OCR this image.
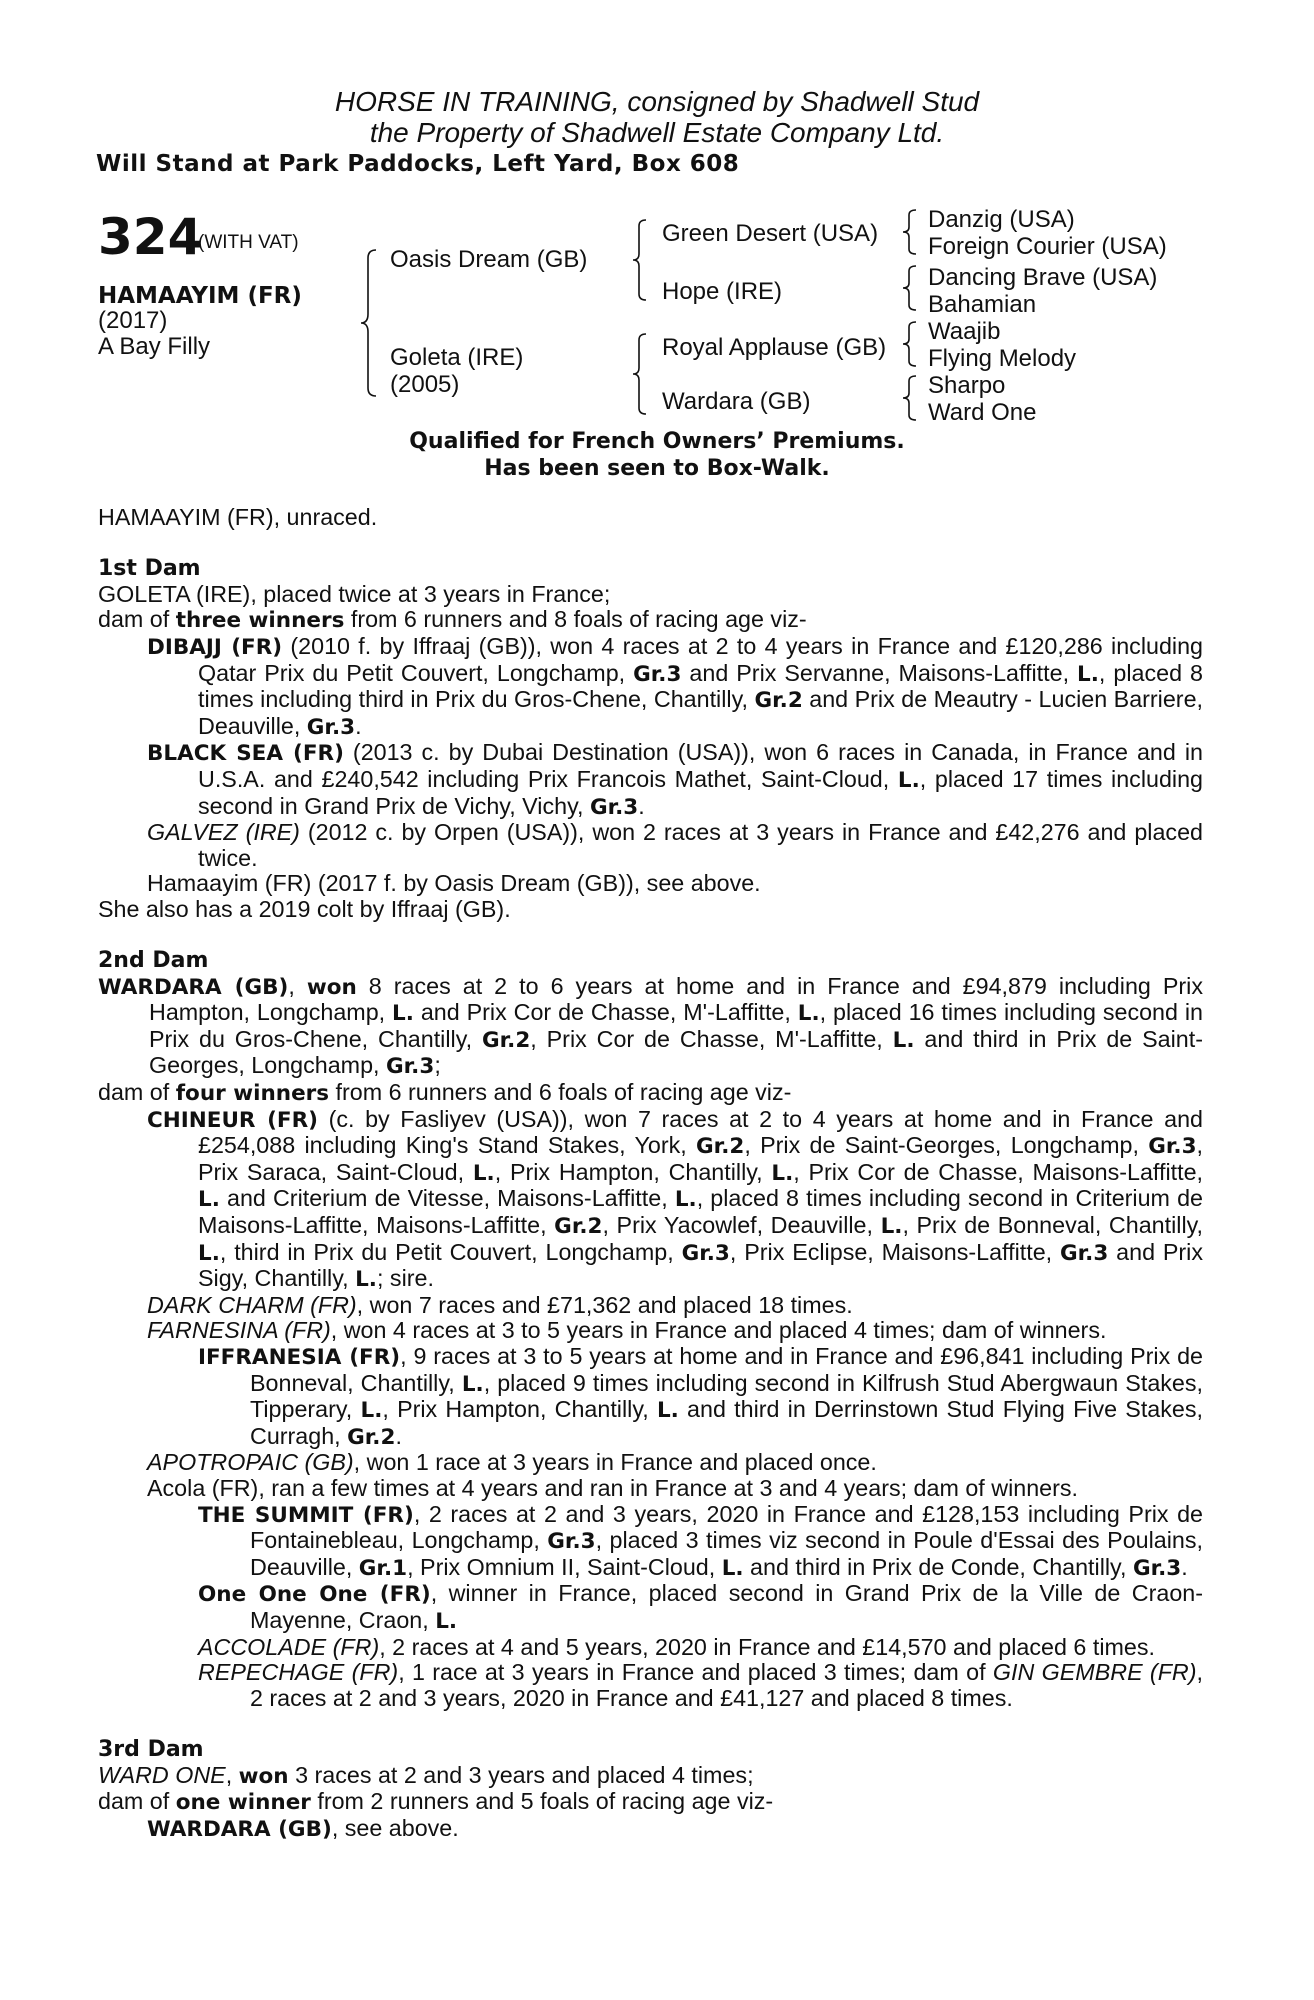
HORSE IN TRAINING, consigned by Shadwell Stud
the Property of Shadwell Estate Company Ltd.
Will Stand at Park Paddocks, Left Yard, Box 608
324
(WITH VAT)
HAMAAYIM (FR)
(2017)
A Bay Filly
Oasis Dream (GB)
Goleta (IRE)
(2005)
Green Desert (USA)
Hope (IRE)
Royal Applause (GB)
Wardara (GB)
Danzig (USA)
Foreign Courier (USA)
Dancing Brave (USA)
Bahamian
Waajib
Flying Melody
Sharpo
Ward One
Qualified for French Owners’ Premiums.
Has been seen to Box-Walk.

HAMAAYIM (FR), unraced.

1st Dam

GOLETA (IRE), placed twice at 3 years in France;

dam of three winners from 6 runners and 8 foals of racing age viz-

DIBAJJ (FR) (2010 f. by Iffraaj (GB)), won 4 races at 2 to 4 years in France and £120,286 including Qatar Prix du Petit Couvert, Longchamp, Gr.3 and Prix Servanne, Maisons-Laffitte, L., placed 8 times including third in Prix du Gros-Chene, Chantilly, Gr.2 and Prix de Meautry - Lucien Barriere, Deauville, Gr.3.

BLACK SEA (FR) (2013 c. by Dubai Destination (USA)), won 6 races in Canada, in France and in U.S.A. and £240,542 including Prix Francois Mathet, Saint-Cloud, L., placed 17 times including second in Grand Prix de Vichy, Vichy, Gr.3.

GALVEZ (IRE) (2012 c. by Orpen (USA)), won 2 races at 3 years in France and £42,276 and placed twice.

Hamaayim (FR) (2017 f. by Oasis Dream (GB)), see above.

She also has a 2019 colt by Iffraaj (GB).

2nd Dam

WARDARA (GB), won 8 races at 2 to 6 years at home and in France and £94,879 including Prix Hampton, Longchamp, L. and Prix Cor de Chasse, M'-Laffitte, L., placed 16 times including second in Prix du Gros-Chene, Chantilly, Gr.2, Prix Cor de Chasse, M'-Laffitte, L. and third in Prix de Saint-Georges, Longchamp, Gr.3;

dam of four winners from 6 runners and 6 foals of racing age viz-

CHINEUR (FR) (c. by Fasliyev (USA)), won 7 races at 2 to 4 years at home and in France and £254,088 including King's Stand Stakes, York, Gr.2, Prix de Saint-Georges, Longchamp, Gr.3, Prix Saraca, Saint-Cloud, L., Prix Hampton, Chantilly, L., Prix Cor de Chasse, Maisons-Laffitte, L. and Criterium de Vitesse, Maisons-Laffitte, L., placed 8 times including second in Criterium de Maisons-Laffitte, Maisons-Laffitte, Gr.2, Prix Yacowlef, Deauville, L., Prix de Bonneval, Chantilly, L., third in Prix du Petit Couvert, Longchamp, Gr.3, Prix Eclipse, Maisons-Laffitte, Gr.3 and Prix Sigy, Chantilly, L.; sire.

DARK CHARM (FR), won 7 races and £71,362 and placed 18 times.

FARNESINA (FR), won 4 races at 3 to 5 years in France and placed 4 times; dam of winners.

IFFRANESIA (FR), 9 races at 3 to 5 years at home and in France and £96,841 including Prix de Bonneval, Chantilly, L., placed 9 times including second in Kilfrush Stud Abergwaun Stakes, Tipperary, L., Prix Hampton, Chantilly, L. and third in Derrinstown Stud Flying Five Stakes, Curragh, Gr.2.

APOTROPAIC (GB), won 1 race at 3 years in France and placed once.

Acola (FR), ran a few times at 4 years and ran in France at 3 and 4 years; dam of winners.

THE SUMMIT (FR), 2 races at 2 and 3 years, 2020 in France and £128,153 including Prix de Fontainebleau, Longchamp, Gr.3, placed 3 times viz second in Poule d'Essai des Poulains, Deauville, Gr.1, Prix Omnium II, Saint-Cloud, L. and third in Prix de Conde, Chantilly, Gr.3.

One One One (FR), winner in France, placed second in Grand Prix de la Ville de Craon-Mayenne, Craon, L.

ACCOLADE (FR), 2 races at 4 and 5 years, 2020 in France and £14,570 and placed 6 times.

REPECHAGE (FR), 1 race at 3 years in France and placed 3 times; dam of GIN GEMBRE (FR), 2 races at 2 and 3 years, 2020 in France and £41,127 and placed 8 times.

3rd Dam

WARD ONE, won 3 races at 2 and 3 years and placed 4 times;

dam of one winner from 2 runners and 5 foals of racing age viz-

WARDARA (GB), see above.
